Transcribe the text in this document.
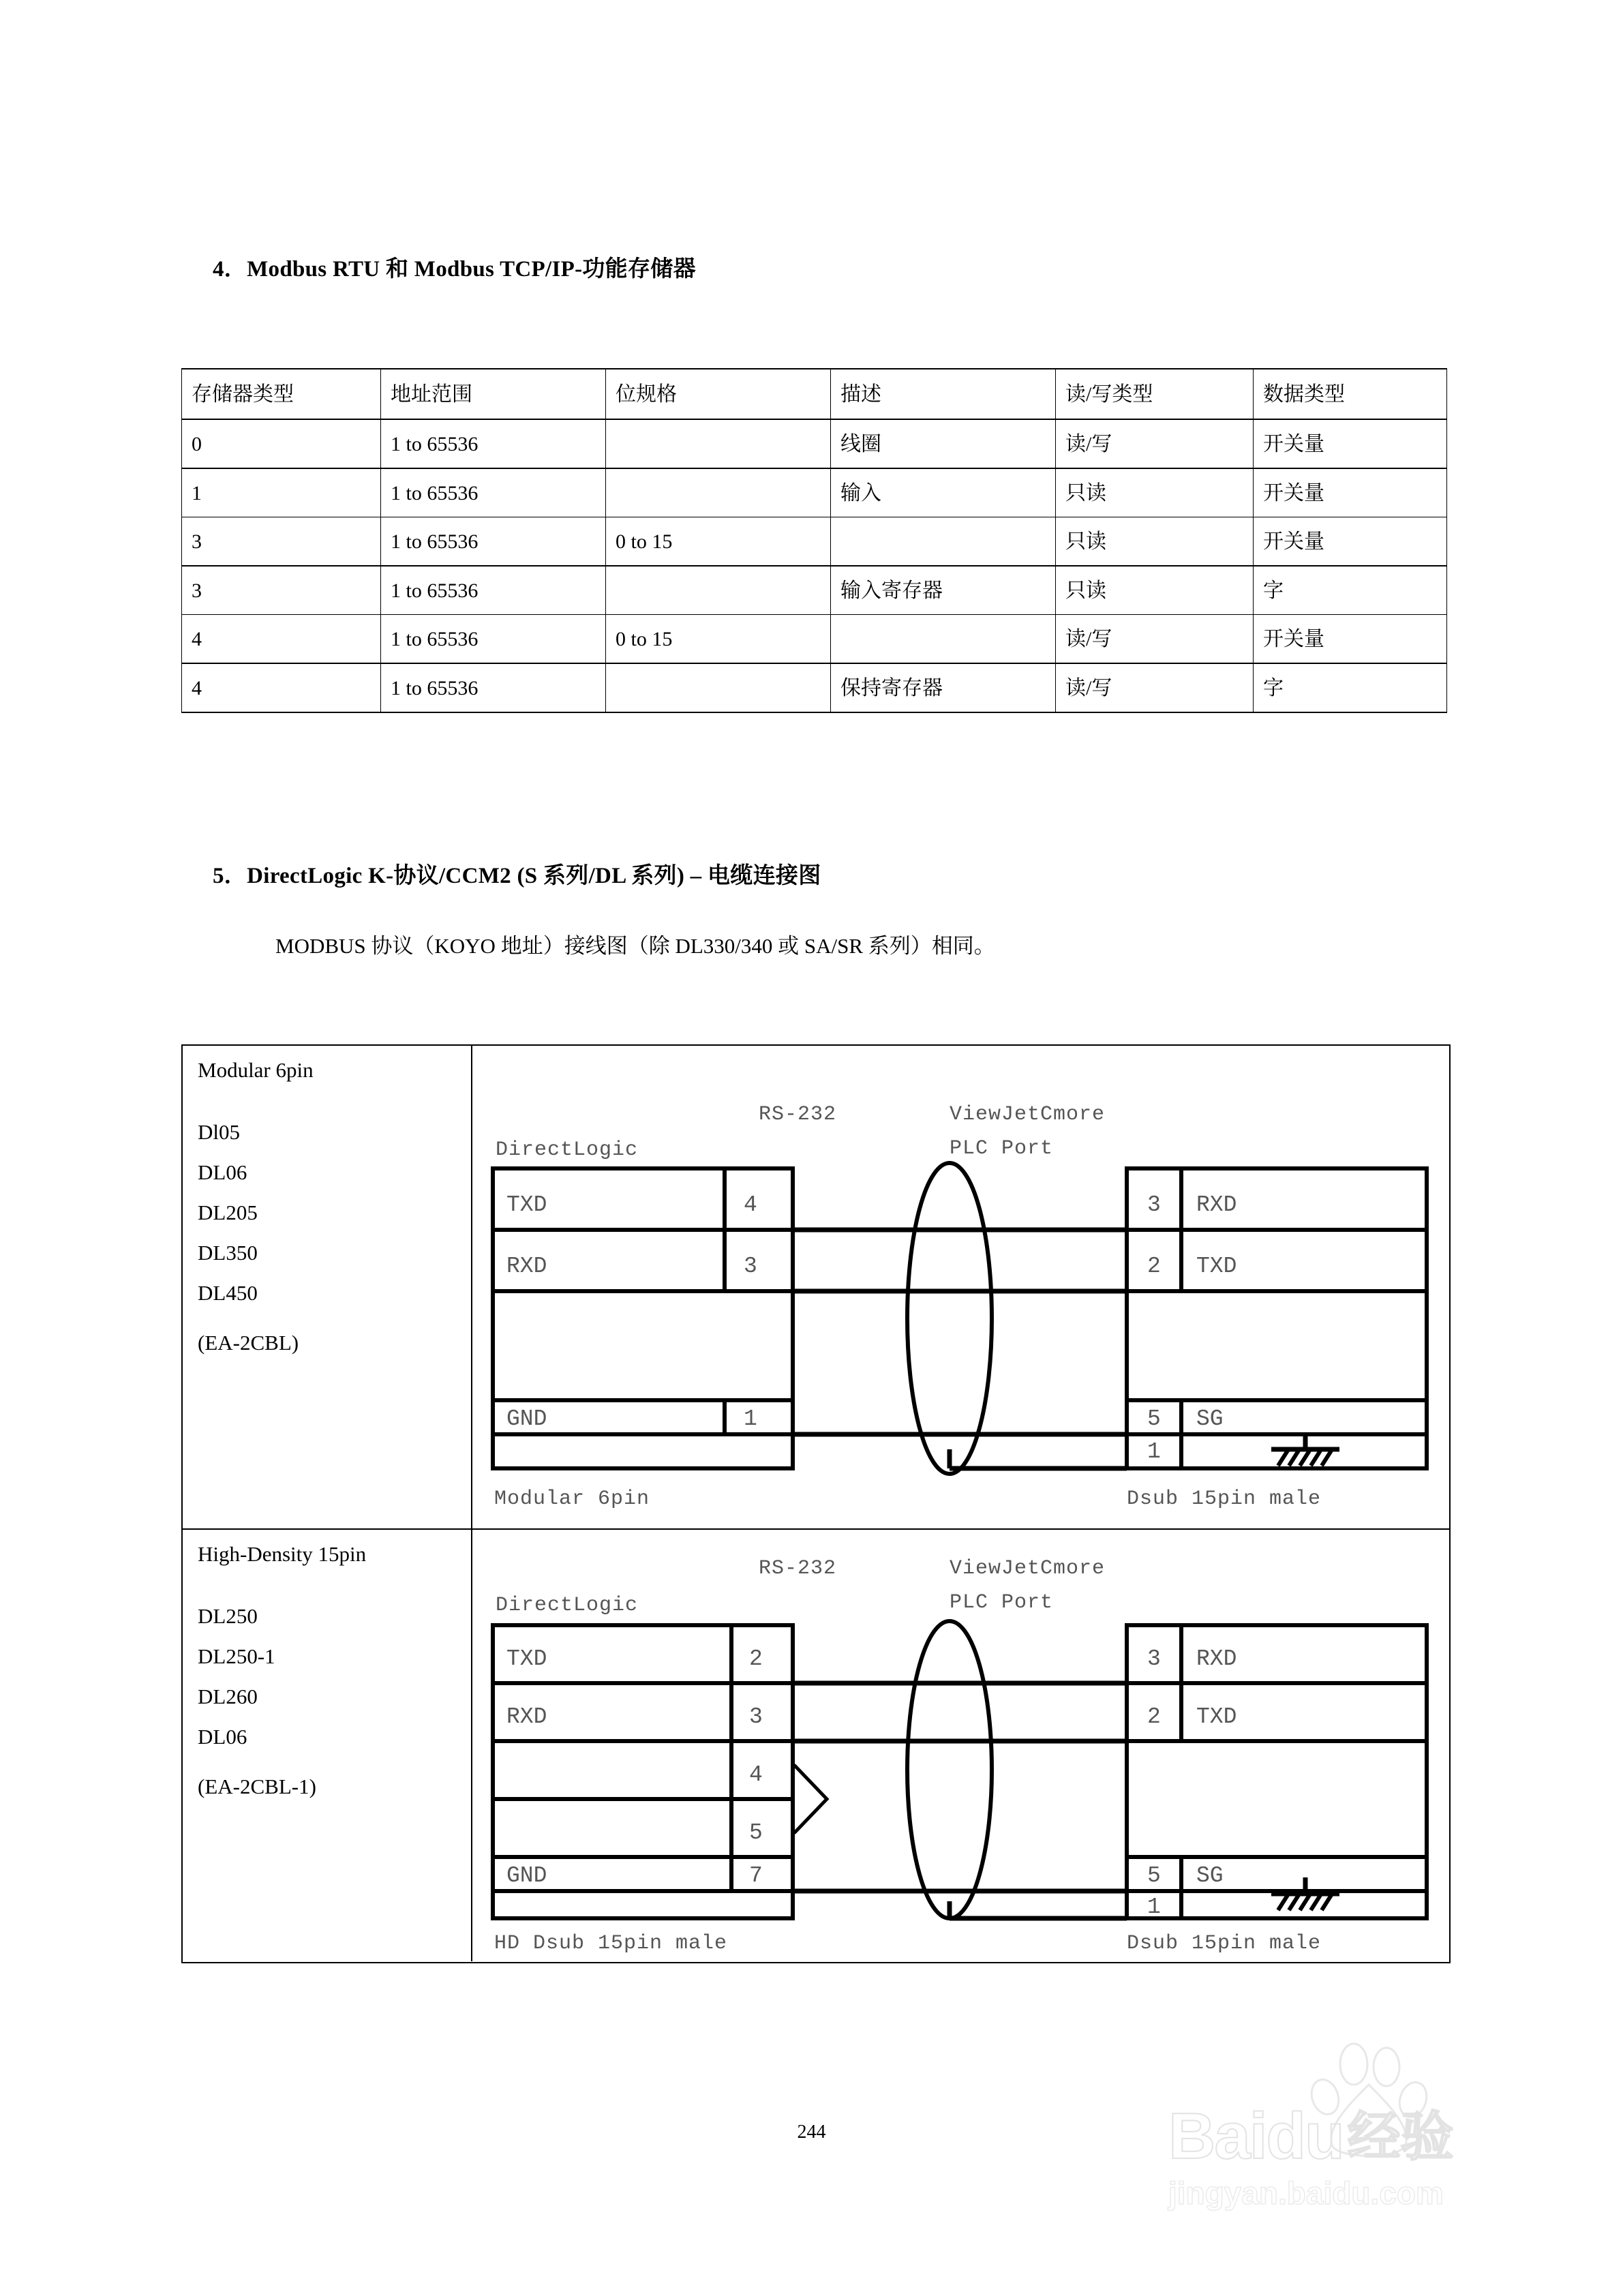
4．Modbus RTU 和 Modbus TCP/IP-功能存储器
存储器类型	地址范围	位规格	描述	读/写类型	数据类型
0	1 to 65536		线圈	读/写	开关量
1	1 to 65536		输入	只读	开关量
3	1 to 65536	0 to 15		只读	开关量
3	1 to 65536		输入寄存器	只读	字
4	1 to 65536	0 to 15		读/写	开关量
4	1 to 65536		保持寄存器	读/写	字
5．DirectLogic K-协议/CCM2 (S 系列/DL 系列) – 电缆连接图
MODBUS 协议（KOYO 地址）接线图（除 DL330/340 或 SA/SR 系列）相同。
Modular 6pin
Dl05
DL06
DL205
DL350
DL450
(EA-2CBL)
RS-232
DirectLogic
ViewJetCmore
PLC Port
TXD	4
RXD	3
GND	1
3 RXD
2 TXD
5 SG
1
Modular 6pin	Dsub 15pin male
High-Density 15pin
DL250
DL250-1
DL260
DL06
(EA-2CBL-1)
RS-232
DirectLogic
ViewJetCmore
PLC Port
TXD	2
RXD	3
4
5
GND	7
3 RXD
2 TXD
5 SG
1
HD Dsub 15pin male	Dsub 15pin male
Baidu 经验
jingyan.baidu.com
244
